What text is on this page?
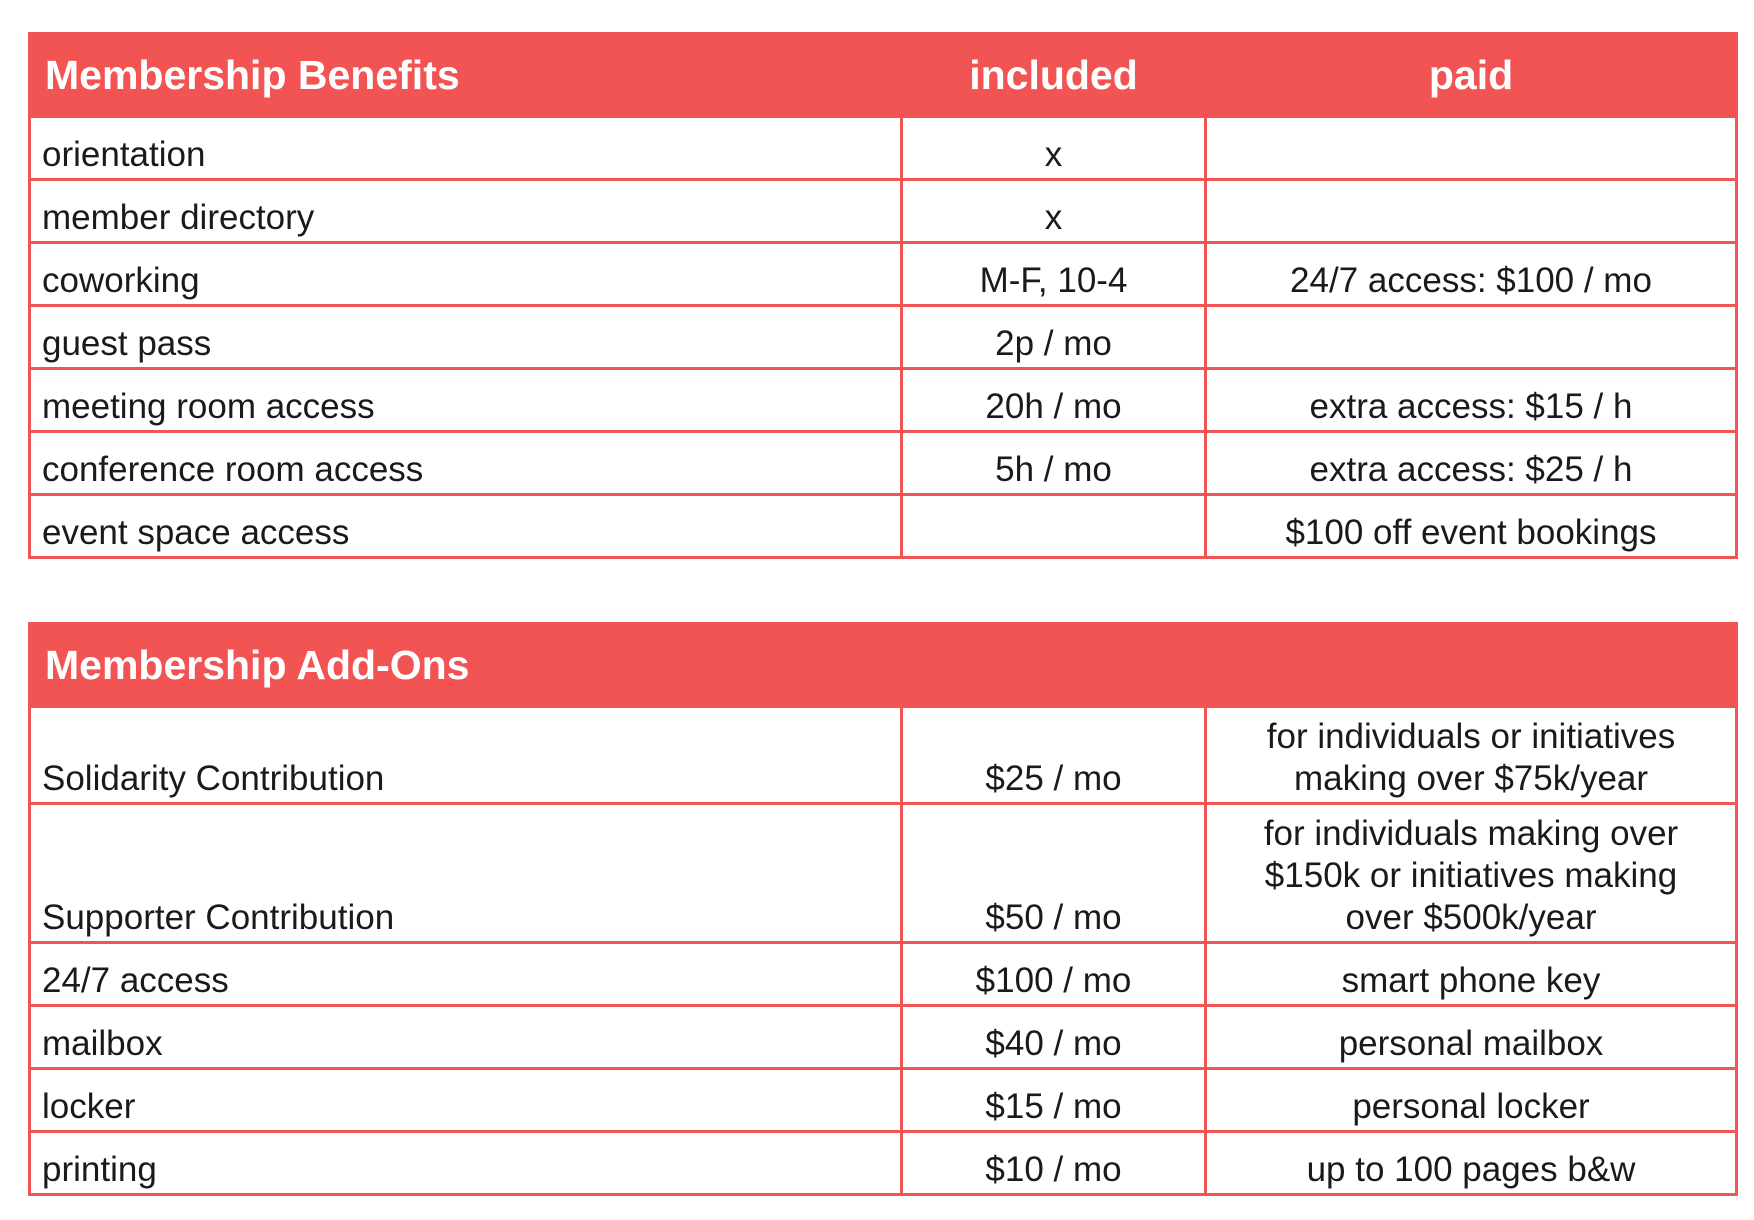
Membership Benefits	included	paid
orientation	x	
member directory	x	
coworking	M-F, 10-4	24/7 access: $100 / mo
guest pass	2p / mo	
meeting room access	20h / mo	extra access: $15 / h
conference room access	5h / mo	extra access: $25 / h
event space access		$100 off event bookings
Membership Add-Ons		
Solidarity Contribution	$25 / mo	for individuals or initiatives
making over $75k/year

Supporter Contribution	$50 / mo	for individuals making over
$150k or initiatives making
over $500k/year

24/7 access	$100 / mo	smart phone key
mailbox	$40 / mo	personal mailbox
locker	$15 / mo	personal locker
printing	$10 / mo	up to 100 pages b&w
